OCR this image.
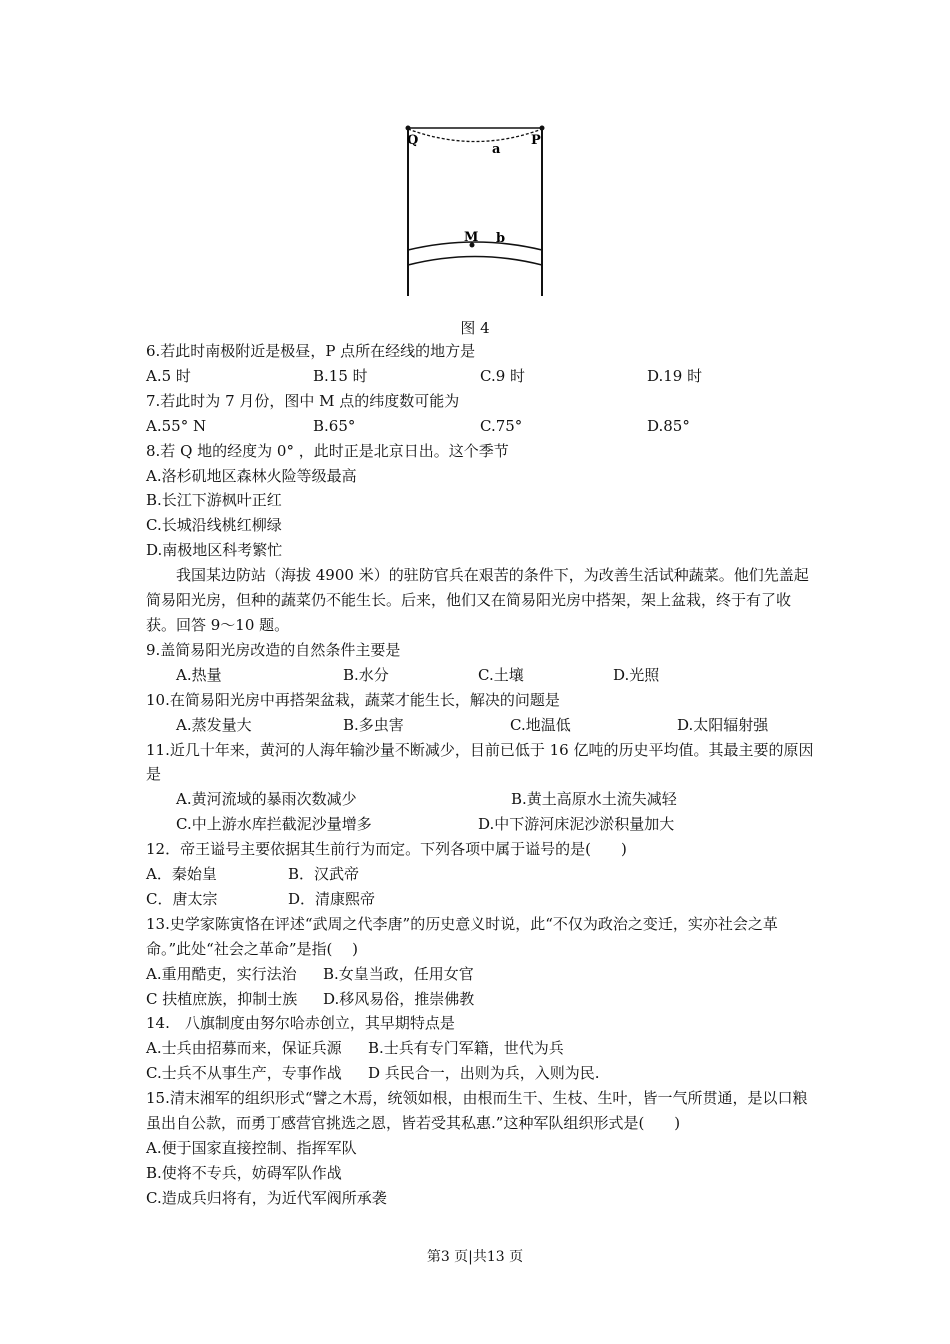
Q	P
a
M b
图 4
6.若此时南极附近是极昼，P 点所在经线的地方是
A.5 时	B.15 时	C.9 时	D.19 时
7.若此时为 7 月份，图中 M 点的纬度数可能为
A.55° N	B.65°	C.75°	D.85°
8.若 Q 地的经度为 0° ，此时正是北京日出。这个季节
A.洛杉矶地区森林火险等级最高
B.长江下游枫叶正红
C.长城沿线桃红柳绿
D.南极地区科考繁忙
我国某边防站（海拔 4900 米）的驻防官兵在艰苦的条件下，为改善生活试种蔬菜。他们先盖起简易阳光房，但种的蔬菜仍不能生长。后来，他们又在简易阳光房中搭架，架上盆栽，终于有了收获。回答 9～10 题。
9.盖简易阳光房改造的自然条件主要是
A.热量	B.水分	C.土壤	D.光照
10.在简易阳光房中再搭架盆栽，蔬菜才能生长，解决的问题是
A.蒸发量大	B.多虫害	C.地温低	D.太阳辐射强
11.近几十年来，黄河的人海年输沙量不断减少，目前已低于 16 亿吨的历史平均值。其最主要的原因是
A.黄河流域的暴雨次数减少	B.黄土高原水土流失减轻
C.中上游水库拦截泥沙量增多	D.中下游河床泥沙淤积量加大
12．帝王谥号主要依据其生前行为而定。下列各项中属于谥号的是(　　)
A．秦始皇	B．汉武帝
C．唐太宗	D．清康熙帝
13.史学家陈寅恪在评述“武周之代李唐”的历史意义时说，此“不仅为政治之变迁，实亦社会之革命。”此处“社会之革命”是指(　 )
A.重用酷吏，实行法治	B.女皇当政，任用女官
C 扶植庶族，抑制士族	D.移风易俗，推崇佛教
14.　八旗制度由努尔哈赤创立，其早期特点是
A.士兵由招募而来，保证兵源	B.士兵有专门军籍，世代为兵
C.士兵不从事生产，专事作战	D 兵民合一，出则为兵，入则为民.
15.清末湘军的组织形式“譬之木焉，统领如根，由根而生干、生枝、生叶，皆一气所贯通，是以口粮虽出自公款，而勇丁感营官挑选之恩，皆若受其私惠.”这种军队组织形式是(　　)
A.便于国家直接控制、指挥军队
B.使将不专兵，妨碍军队作战
C.造成兵归将有，为近代军阀所承袭
第3 页|共13 页
